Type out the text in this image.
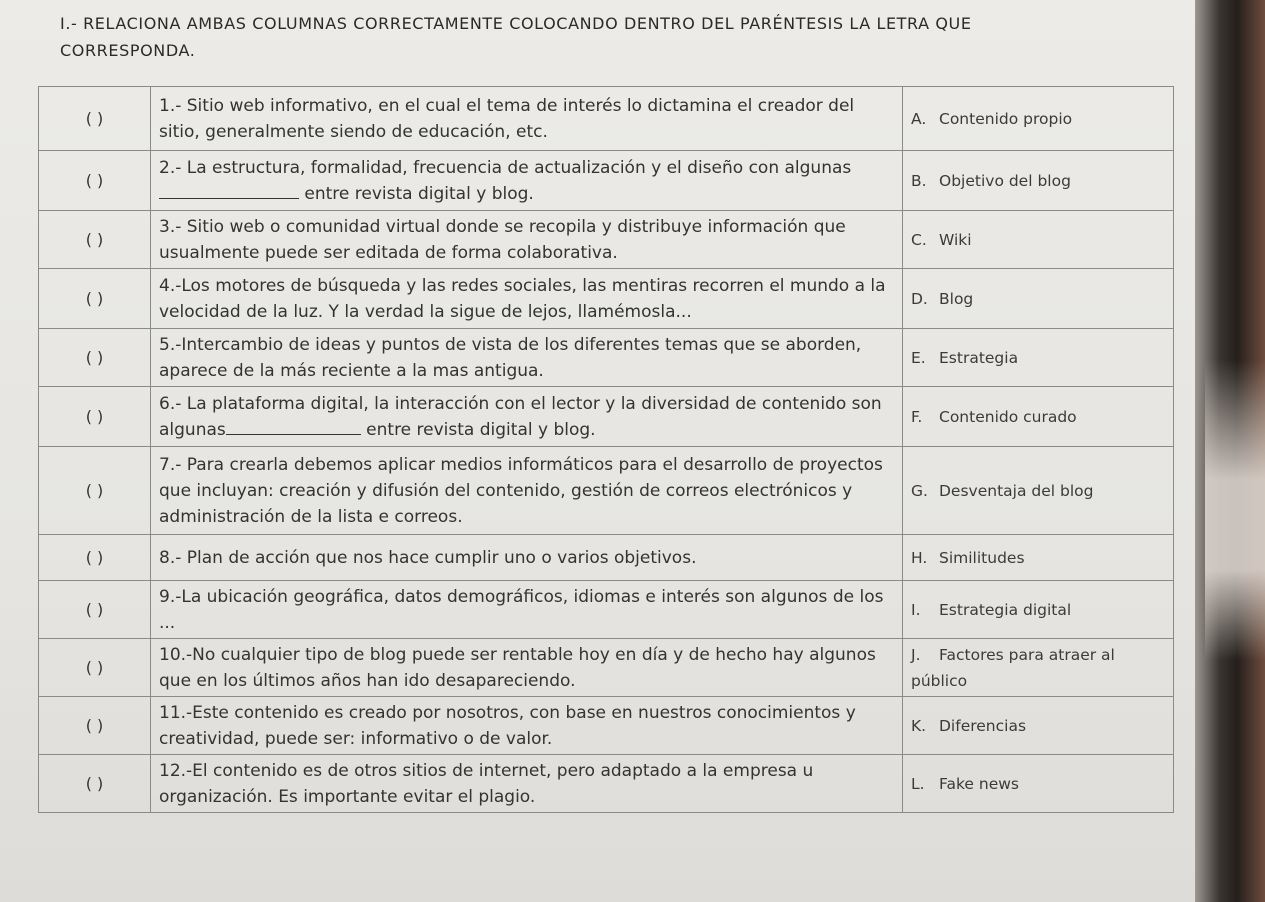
I.- RELACIONA AMBAS COLUMNAS CORRECTAMENTE COLOCANDO DENTRO DEL PARÉNTESIS LA LETRA QUE CORRESPONDA.
( )	1.- Sitio web informativo, en el cual el tema de interés lo dictamina el creador del sitio, generalmente siendo de educación, etc.	A. Contenido propio
( )	2.- La estructura, formalidad, frecuencia de actualización y el diseño con algunas  entre revista digital y blog.	B. Objetivo del blog
( )	3.- Sitio web o comunidad virtual donde se recopila y distribuye información que usualmente puede ser editada de forma colaborativa.	C. Wiki
( )	4.-Los motores de búsqueda y las redes sociales, las mentiras recorren el mundo a la velocidad de la luz. Y la verdad la sigue de lejos, llamémosla...	D. Blog
( )	5.-Intercambio de ideas y puntos de vista de los diferentes temas que se aborden, aparece de la más reciente a la mas antigua.	E. Estrategia
( )	6.- La plataforma digital, la interacción con el lector y la diversidad de contenido son algunas entre revista digital y blog.	F. Contenido curado
( )	7.- Para crearla debemos aplicar medios informáticos para el desarrollo de proyectos que incluyan: creación y difusión del contenido, gestión de correos electrónicos y administración de la lista e correos.	G. Desventaja del blog
( )	8.- Plan de acción que nos hace cumplir uno o varios objetivos.	H. Similitudes
( )	9.-La ubicación geográfica, datos demográficos, idiomas e interés son algunos de los ...	I. Estrategia digital
( )	10.-No cualquier tipo de blog puede ser rentable hoy en día y de hecho hay algunos que en los últimos años han ido desapareciendo.	J. Factores para atraer al público
( )	11.-Este contenido es creado por nosotros, con base en nuestros conocimientos y creatividad, puede ser: informativo o de valor.	K. Diferencias
( )	12.-El contenido es de otros sitios de internet, pero adaptado a la empresa u organización. Es importante evitar el plagio.	L. Fake news
